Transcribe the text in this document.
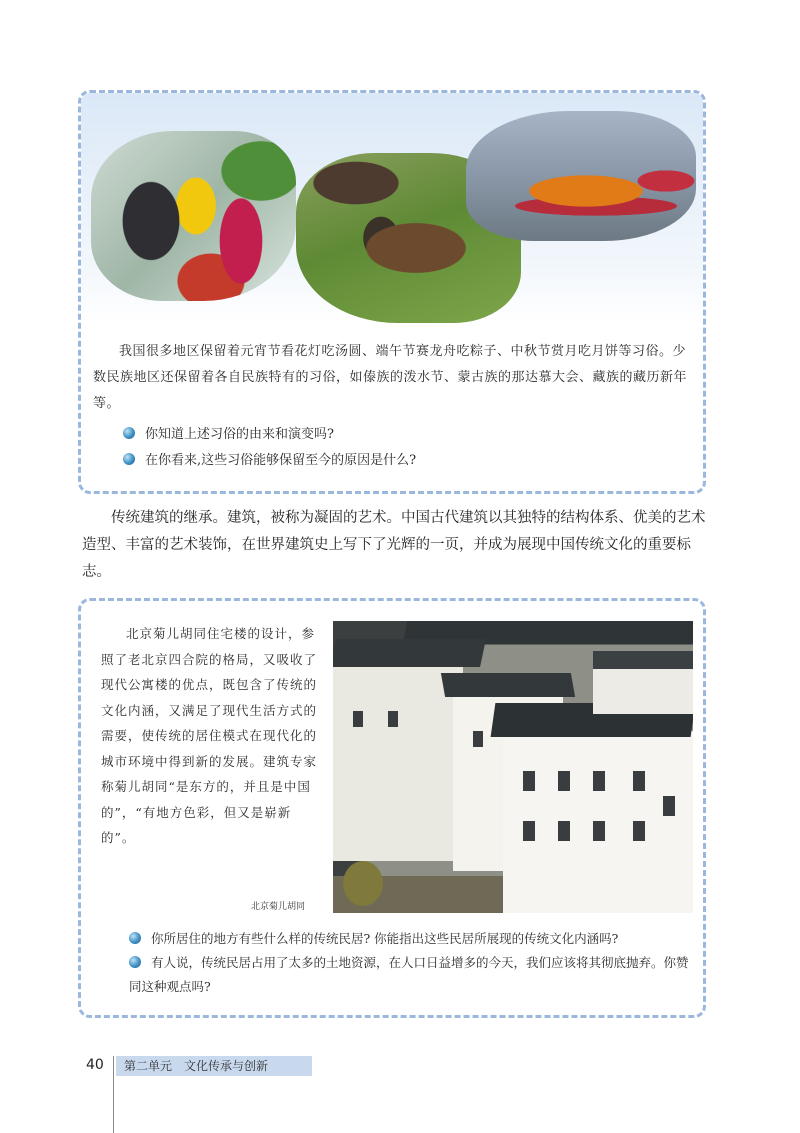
我国很多地区保留着元宵节看花灯吃汤圆、端午节赛龙舟吃粽子、中秋节赏月吃月饼等习俗。少数民族地区还保留着各自民族特有的习俗，如傣族的泼水节、蒙古族的那达慕大会、藏族的藏历新年等。
你知道上述习俗的由来和演变吗?
在你看来,这些习俗能够保留至今的原因是什么?
传统建筑的继承。建筑，被称为凝固的艺术。中国古代建筑以其独特的结构体系、优美的艺术造型、丰富的艺术装饰，在世界建筑史上写下了光辉的一页，并成为展现中国传统文化的重要标志。
北京菊儿胡同住宅楼的设计，参照了老北京四合院的格局，又吸收了现代公寓楼的优点，既包含了传统的文化内涵，又满足了现代生活方式的需要，使传统的居住模式在现代化的城市环境中得到新的发展。建筑专家称菊儿胡同“是东方的，并且是中国的”，“有地方色彩，但又是崭新的”。
北京菊儿胡同
你所居住的地方有些什么样的传统民居? 你能指出这些民居所展现的传统文化内涵吗?
有人说，传统民居占用了太多的土地资源，在人口日益增多的今天，我们应该将其彻底抛弃。你赞同这种观点吗?
40	第二单元　文化传承与创新
